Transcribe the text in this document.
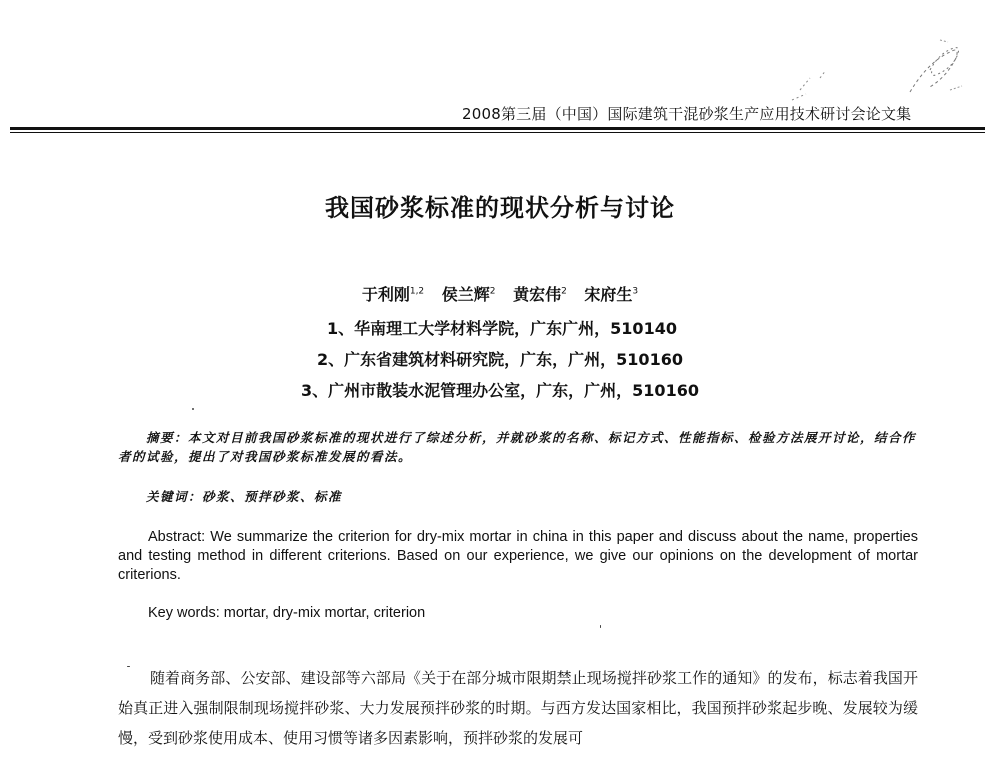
2008第三届（中国）国际建筑干混砂浆生产应用技术研讨会论文集
我国砂浆标准的现状分析与讨论
于利刚$^{1,2}$ 侯兰辉$^2$ 黄宏伟$^2$ 宋府生$^3$
1、华南理工大学材料学院，广东广州，510140
2、广东省建筑材料研究院，广东，广州，510160
3、广州市散装水泥管理办公室，广东，广州，510160
摘要：本文对目前我国砂浆标准的现状进行了综述分析，并就砂浆的名称、标记方式、性能指标、检验方法展开讨论，结合作者的试验，提出了对我国砂浆标准发展的看法。
关键词：砂浆、预拌砂浆、标准
Abstract: We summarize the criterion for dry-mix mortar in china in this paper and discuss about the name, properties and testing method in different criterions. Based on our experience, we give our opinions on the development of mortar criterions.
Key words: mortar, dry-mix mortar, criterion
随着商务部、公安部、建设部等六部局《关于在部分城市限期禁止现场搅拌砂浆工作的通知》的发布，标志着我国开始真正进入强制限制现场搅拌砂浆、大力发展预拌砂浆的时期。与西方发达国家相比，我国预拌砂浆起步晚、发展较为缓慢，受到砂浆使用成本、使用习惯等诸多因素影响，预拌砂浆的发展可
